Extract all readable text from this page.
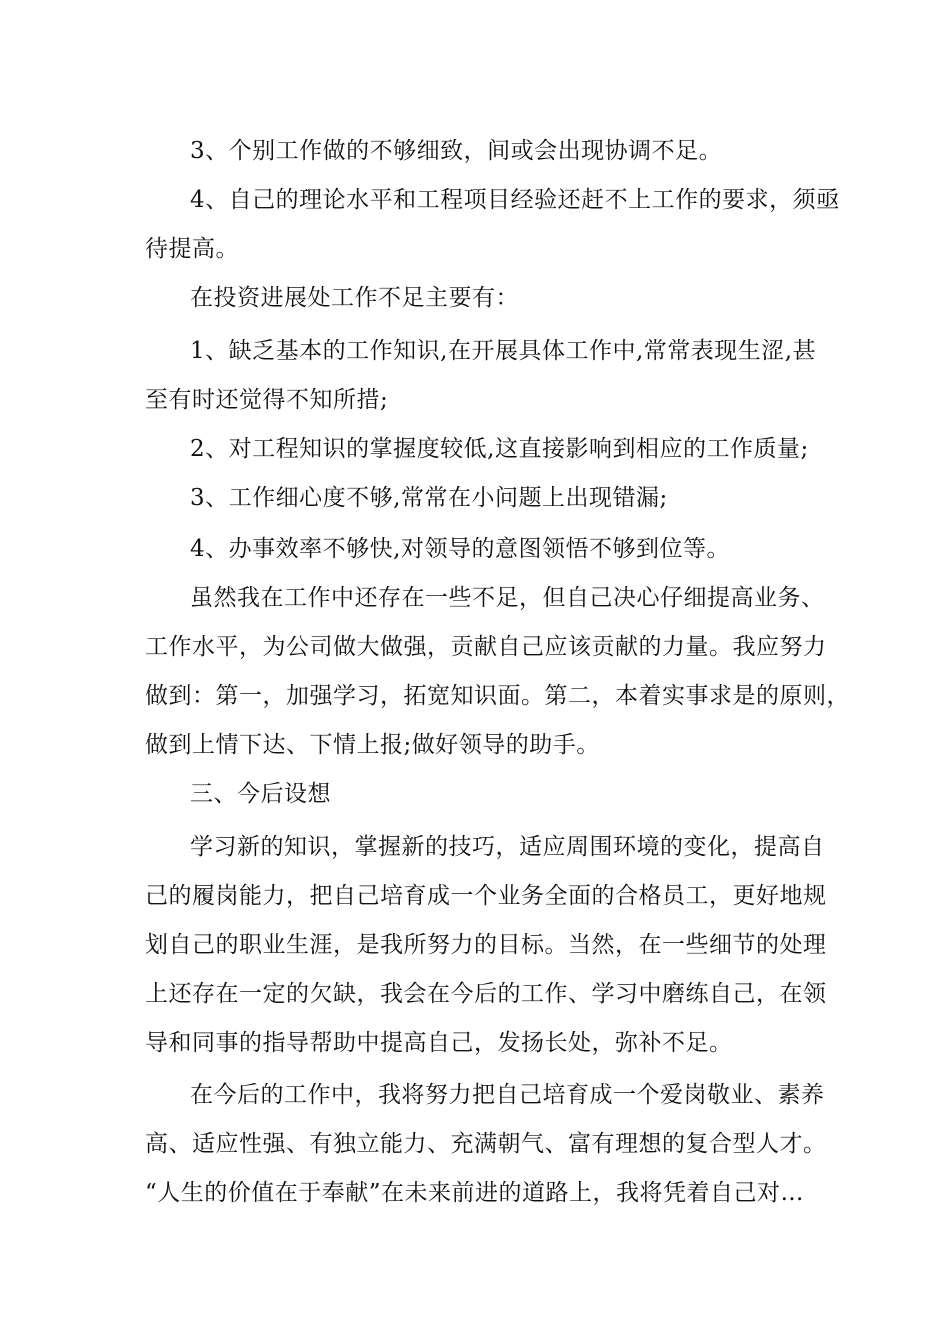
3、个别工作做的不够细致，间或会出现协调不足。
4、自己的理论水平和工程项目经验还赶不上工作的要求，须亟
待提高。
在投资进展处工作不足主要有：
1、缺乏基本的工作知识,在开展具体工作中,常常表现生涩,甚
至有时还觉得不知所措;
2、对工程知识的掌握度较低,这直接影响到相应的工作质量;
3、工作细心度不够,常常在小问题上出现错漏;
4、办事效率不够快,对领导的意图领悟不够到位等。
虽然我在工作中还存在一些不足，但自己决心仔细提高业务、
工作水平，为公司做大做强，贡献自己应该贡献的力量。我应努力
做到：第一，加强学习，拓宽知识面。第二，本着实事求是的原则，
做到上情下达、下情上报;做好领导的助手。
三、今后设想
学习新的知识，掌握新的技巧，适应周围环境的变化，提高自
己的履岗能力，把自己培育成一个业务全面的合格员工，更好地规
划自己的职业生涯，是我所努力的目标。当然，在一些细节的处理
上还存在一定的欠缺，我会在今后的工作、学习中磨练自己，在领
导和同事的指导帮助中提高自己，发扬长处，弥补不足。
在今后的工作中，我将努力把自己培育成一个爱岗敬业、素养
高、适应性强、有独立能力、充满朝气、富有理想的复合型人才。
“人生的价值在于奉献”在未来前进的道路上，我将凭着自己对…
